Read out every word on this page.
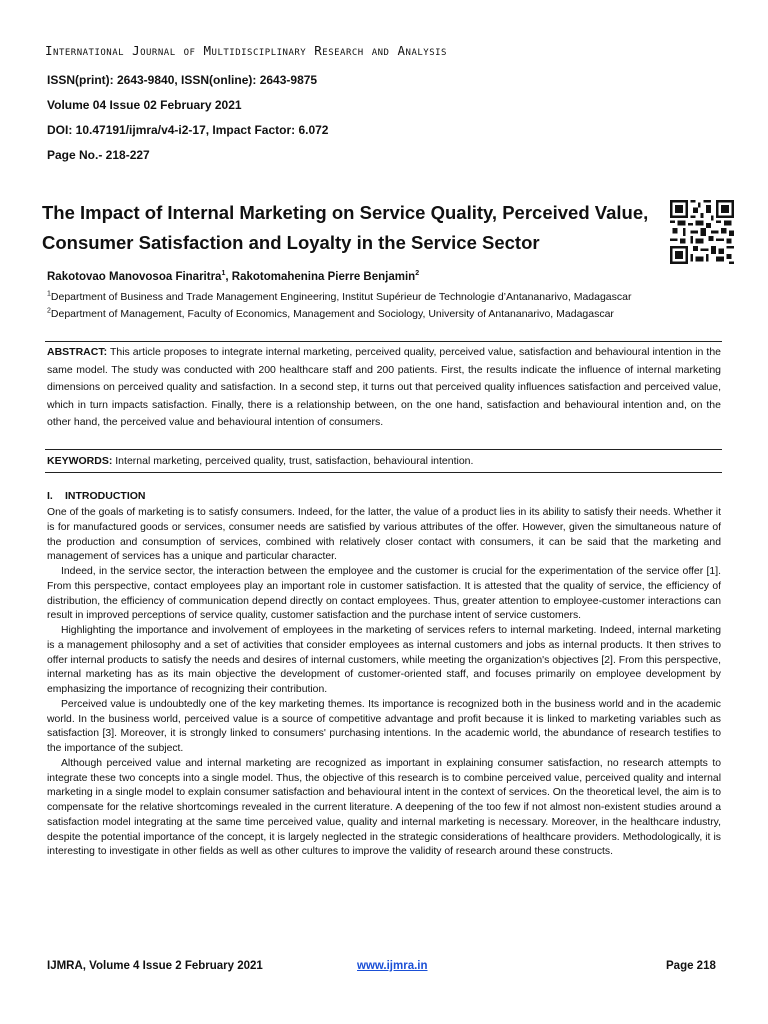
International Journal of Multidisciplinary Research and Analysis
ISSN(print): 2643-9840, ISSN(online): 2643-9875
Volume 04 Issue 02 February 2021
DOI: 10.47191/ijmra/v4-i2-17, Impact Factor: 6.072
Page No.- 218-227
The Impact of Internal Marketing on Service Quality, Perceived Value, Consumer Satisfaction and Loyalty in the Service Sector
Rakotovao Manovosoa Finaritra$^1$, Rakotomahenina Pierre Benjamin$^2$
$^1$Department of Business and Trade Management Engineering, Institut Supérieur de Technologie d’Antananarivo, Madagascar
$^2$Department of Management, Faculty of Economics, Management and Sociology, University of Antananarivo, Madagascar
ABSTRACT: This article proposes to integrate internal marketing, perceived quality, perceived value, satisfaction and behavioural intention in the same model. The study was conducted with 200 healthcare staff and 200 patients. First, the results indicate the influence of internal marketing dimensions on perceived quality and satisfaction. In a second step, it turns out that perceived quality influences satisfaction and perceived value, which in turn impacts satisfaction. Finally, there is a relationship between, on the one hand, satisfaction and behavioural intention and, on the other hand, the perceived value and behavioural intention of consumers.
KEYWORDS: Internal marketing, perceived quality, trust, satisfaction, behavioural intention.
I. INTRODUCTION

One of the goals of marketing is to satisfy consumers. Indeed, for the latter, the value of a product lies in its ability to satisfy their needs. Whether it is for manufactured goods or services, consumer needs are satisfied by various attributes of the offer. However, given the simultaneous nature of the production and consumption of services, combined with relatively closer contact with consumers, it can be said that the marketing and management of services has a unique and particular character.

Indeed, in the service sector, the interaction between the employee and the customer is crucial for the experimentation of the service offer [1]. From this perspective, contact employees play an important role in customer satisfaction. It is attested that the quality of service, the efficiency of distribution, the efficiency of communication depend directly on contact employees. Thus, greater attention to employee-customer interactions can result in improved perceptions of service quality, customer satisfaction and the purchase intent of service customers.

Highlighting the importance and involvement of employees in the marketing of services refers to internal marketing. Indeed, internal marketing is a management philosophy and a set of activities that consider employees as internal customers and jobs as internal products. It then strives to offer internal products to satisfy the needs and desires of internal customers, while meeting the organization's objectives [2]. From this perspective, internal marketing has as its main objective the development of customer-oriented staff, and focuses primarily on employee development by emphasizing the importance of recognizing their contribution.

Perceived value is undoubtedly one of the key marketing themes. Its importance is recognized both in the business world and in the academic world. In the business world, perceived value is a source of competitive advantage and profit because it is linked to marketing variables such as satisfaction [3]. Moreover, it is strongly linked to consumers' purchasing intentions. In the academic world, the abundance of research testifies to the importance of the subject.

Although perceived value and internal marketing are recognized as important in explaining consumer satisfaction, no research attempts to integrate these two concepts into a single model. Thus, the objective of this research is to combine perceived value, perceived quality and internal marketing in a single model to explain consumer satisfaction and behavioural intent in the context of services. On the theoretical level, the aim is to compensate for the relative shortcomings revealed in the current literature. A deepening of the too few if not almost non-existent studies around a satisfaction model integrating at the same time perceived value, quality and internal marketing is necessary. Moreover, in the healthcare industry, despite the potential importance of the concept, it is largely neglected in the strategic considerations of healthcare providers. Methodologically, it is interesting to investigate in other fields as well as other cultures to improve the validity of research around these constructs.

IJMRA, Volume 4 Issue 2 February 2021	www.ijmra.in	Page 218
